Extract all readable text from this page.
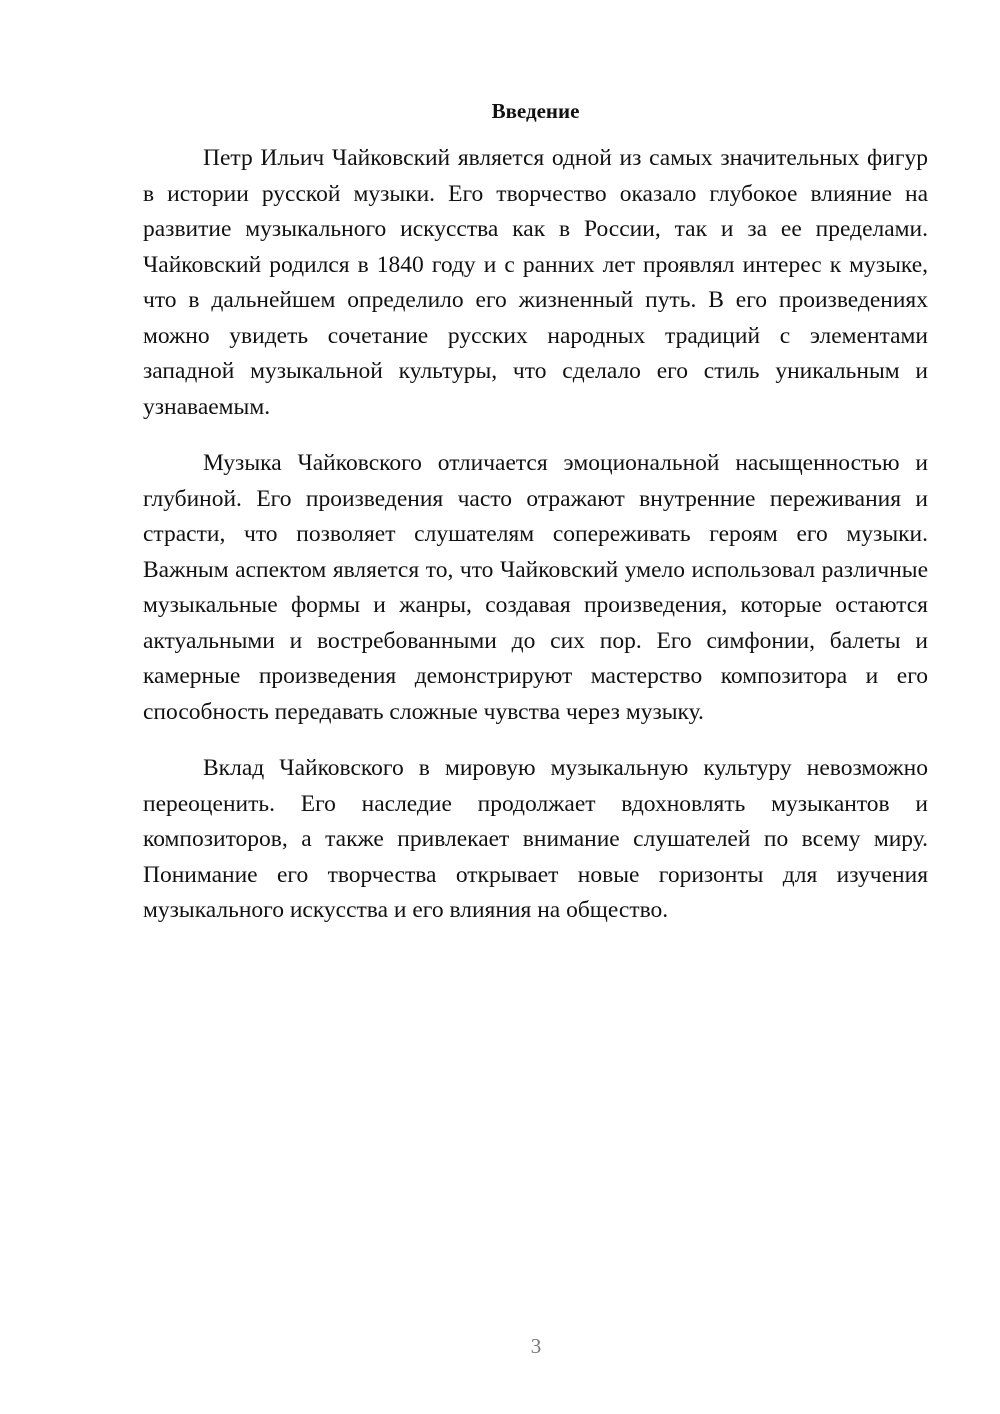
Введение

Петр Ильич Чайковский является одной из самых значительных фигур в истории русской музыки. Его творчество оказало глубокое влияние на развитие музыкального искусства как в России, так и за ее пределами. Чайковский родился в 1840 году и с ранних лет проявлял интерес к музыке, что в дальнейшем определило его жизненный путь. В его произведениях можно увидеть сочетание русских народных традиций с элементами западной музыкальной культуры, что сделало его стиль уникальным и узнаваемым.

Музыка Чайковского отличается эмоциональной насыщенностью и глубиной. Его произведения часто отражают внутренние переживания и страсти, что позволяет слушателям сопереживать героям его музыки. Важным аспектом является то, что Чайковский умело использовал различные музыкальные формы и жанры, создавая произведения, которые остаются актуальными и востребованными до сих пор. Его симфонии, балеты и камерные произведения демонстрируют мастерство композитора и его способность передавать сложные чувства через музыку.

Вклад Чайковского в мировую музыкальную культуру невозможно переоценить. Его наследие продолжает вдохновлять музыкантов и композиторов, а также привлекает внимание слушателей по всему миру. Понимание его творчества открывает новые горизонты для изучения музыкального искусства и его влияния на общество.

3
